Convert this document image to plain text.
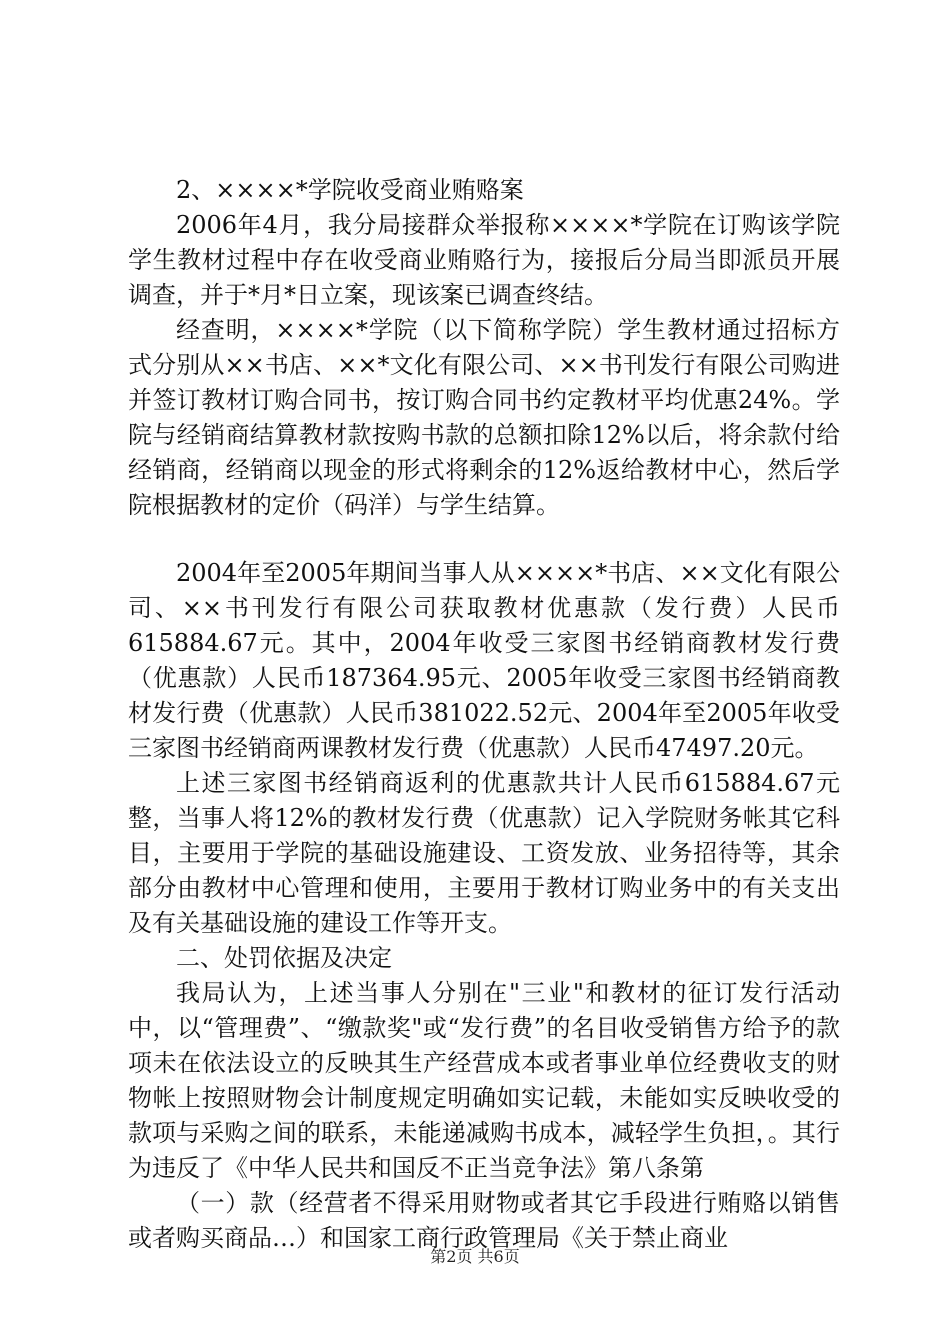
2、××××*学院收受商业贿赂案

2006年4月，我分局接群众举报称××××*学院在订购该学院学生教材过程中存在收受商业贿赂行为，接报后分局当即派员开展调查，并于*月*日立案，现该案已调查终结。

经查明，××××*学院（以下简称学院）学生教材通过招标方式分别从××书店、××*文化有限公司、××书刊发行有限公司购进并签订教材订购合同书，按订购合同书约定教材平均优惠24%。学院与经销商结算教材款按购书款的总额扣除12%以后，将余款付给经销商，经销商以现金的形式将剩余的12%返给教材中心，然后学院根据教材的定价（码洋）与学生结算。

2004年至2005年期间当事人从××××*书店、××文化有限公司、××书刊发行有限公司获取教材优惠款（发行费）人民币615884.67元。其中，2004年收受三家图书经销商教材发行费（优惠款）人民币187364.95元、2005年收受三家图书经销商教材发行费（优惠款）人民币381022.52元、2004年至2005年收受三家图书经销商两课教材发行费（优惠款）人民币47497.20元。

上述三家图书经销商返利的优惠款共计人民币615884.67元整，当事人将12%的教材发行费（优惠款）记入学院财务帐其它科目，主要用于学院的基础设施建设、工资发放、业务招待等，其余部分由教材中心管理和使用，主要用于教材订购业务中的有关支出及有关基础设施的建设工作等开支。

二、处罚依据及决定

我局认为，上述当事人分别在"三业"和教材的征订发行活动中，以“管理费”、“缴款奖"或“发行费”的名目收受销售方给予的款项未在依法设立的反映其生产经营成本或者事业单位经费收支的财物帐上按照财物会计制度规定明确如实记载，未能如实反映收受的款项与采购之间的联系，未能递减购书成本，减轻学生负担，。其行为违反了《中华人民共和国反不正当竞争法》第八条第

（一）款（经营者不得采用财物或者其它手段进行贿赂以销售或者购买商品…）和国家工商行政管理局《关于禁止商业

第2页 共6页
